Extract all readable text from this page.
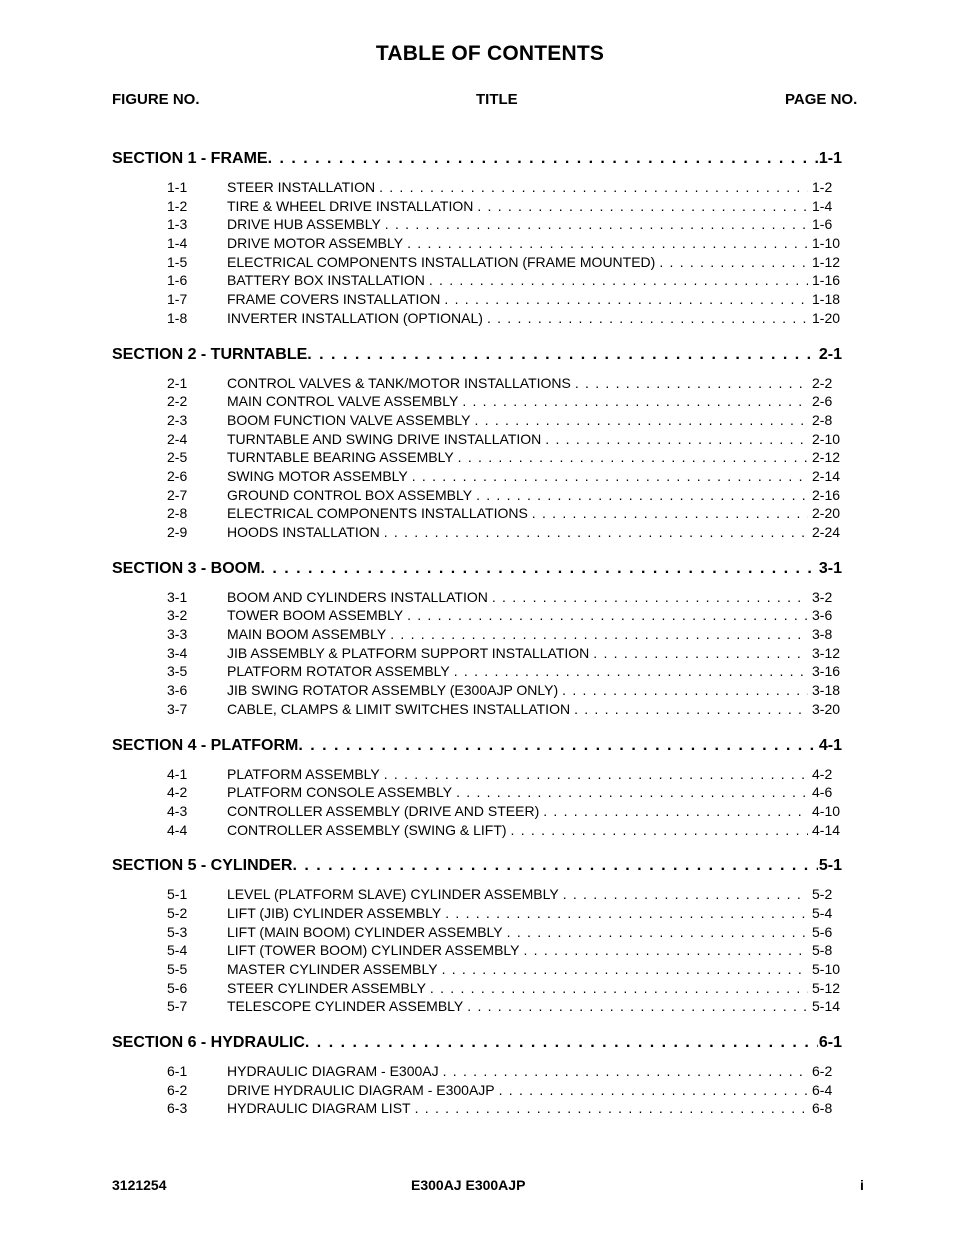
TABLE OF CONTENTS
FIGURE NO.	TITLE	PAGE NO.
SECTION 1 - FRAME . . .	1-1
1-1	STEER INSTALLATION . . .	1-2
1-2	TIRE & WHEEL DRIVE INSTALLATION . . .	1-4
1-3	DRIVE HUB ASSEMBLY . . .	1-6
1-4	DRIVE MOTOR ASSEMBLY . . .	1-10
1-5	ELECTRICAL COMPONENTS INSTALLATION (FRAME MOUNTED) . . .	1-12
1-6	BATTERY BOX INSTALLATION . . .	1-16
1-7	FRAME COVERS INSTALLATION . . .	1-18
1-8	INVERTER INSTALLATION (OPTIONAL) . . .	1-20
SECTION 2 - TURNTABLE . . .	2-1
2-1	CONTROL VALVES & TANK/MOTOR INSTALLATIONS . . .	2-2
2-2	MAIN CONTROL VALVE ASSEMBLY . . .	2-6
2-3	BOOM FUNCTION VALVE ASSEMBLY . . .	2-8
2-4	TURNTABLE AND SWING DRIVE INSTALLATION . . .	2-10
2-5	TURNTABLE BEARING ASSEMBLY . . .	2-12
2-6	SWING MOTOR ASSEMBLY . . .	2-14
2-7	GROUND CONTROL BOX ASSEMBLY . . .	2-16
2-8	ELECTRICAL COMPONENTS INSTALLATIONS . . .	2-20
2-9	HOODS INSTALLATION . . .	2-24
SECTION 3 - BOOM . . .	3-1
3-1	BOOM AND CYLINDERS INSTALLATION . . .	3-2
3-2	TOWER BOOM ASSEMBLY . . .	3-6
3-3	MAIN BOOM ASSEMBLY . . .	3-8
3-4	JIB ASSEMBLY & PLATFORM SUPPORT INSTALLATION . . .	3-12
3-5	PLATFORM ROTATOR ASSEMBLY . . .	3-16
3-6	JIB SWING ROTATOR ASSEMBLY (E300AJP ONLY) . . .	3-18
3-7	CABLE, CLAMPS & LIMIT SWITCHES INSTALLATION . . .	3-20
SECTION 4 - PLATFORM . . .	4-1
4-1	PLATFORM ASSEMBLY . . .	4-2
4-2	PLATFORM CONSOLE ASSEMBLY . . .	4-6
4-3	CONTROLLER ASSEMBLY (DRIVE AND STEER) . . .	4-10
4-4	CONTROLLER ASSEMBLY (SWING & LIFT) . . .	4-14
SECTION 5 - CYLINDER . . .	5-1
5-1	LEVEL (PLATFORM SLAVE) CYLINDER ASSEMBLY . . .	5-2
5-2	LIFT (JIB) CYLINDER ASSEMBLY . . .	5-4
5-3	LIFT (MAIN BOOM) CYLINDER ASSEMBLY . . .	5-6
5-4	LIFT (TOWER BOOM) CYLINDER ASSEMBLY . . .	5-8
5-5	MASTER CYLINDER ASSEMBLY . . .	5-10
5-6	STEER CYLINDER ASSEMBLY . . .	5-12
5-7	TELESCOPE CYLINDER ASSEMBLY . . .	5-14
SECTION 6 - HYDRAULIC . . .	6-1
6-1	HYDRAULIC DIAGRAM - E300AJ . . .	6-2
6-2	DRIVE HYDRAULIC DIAGRAM - E300AJP . . .	6-4
6-3	HYDRAULIC DIAGRAM LIST . . .	6-8
3121254	E300AJ E300AJP	i
